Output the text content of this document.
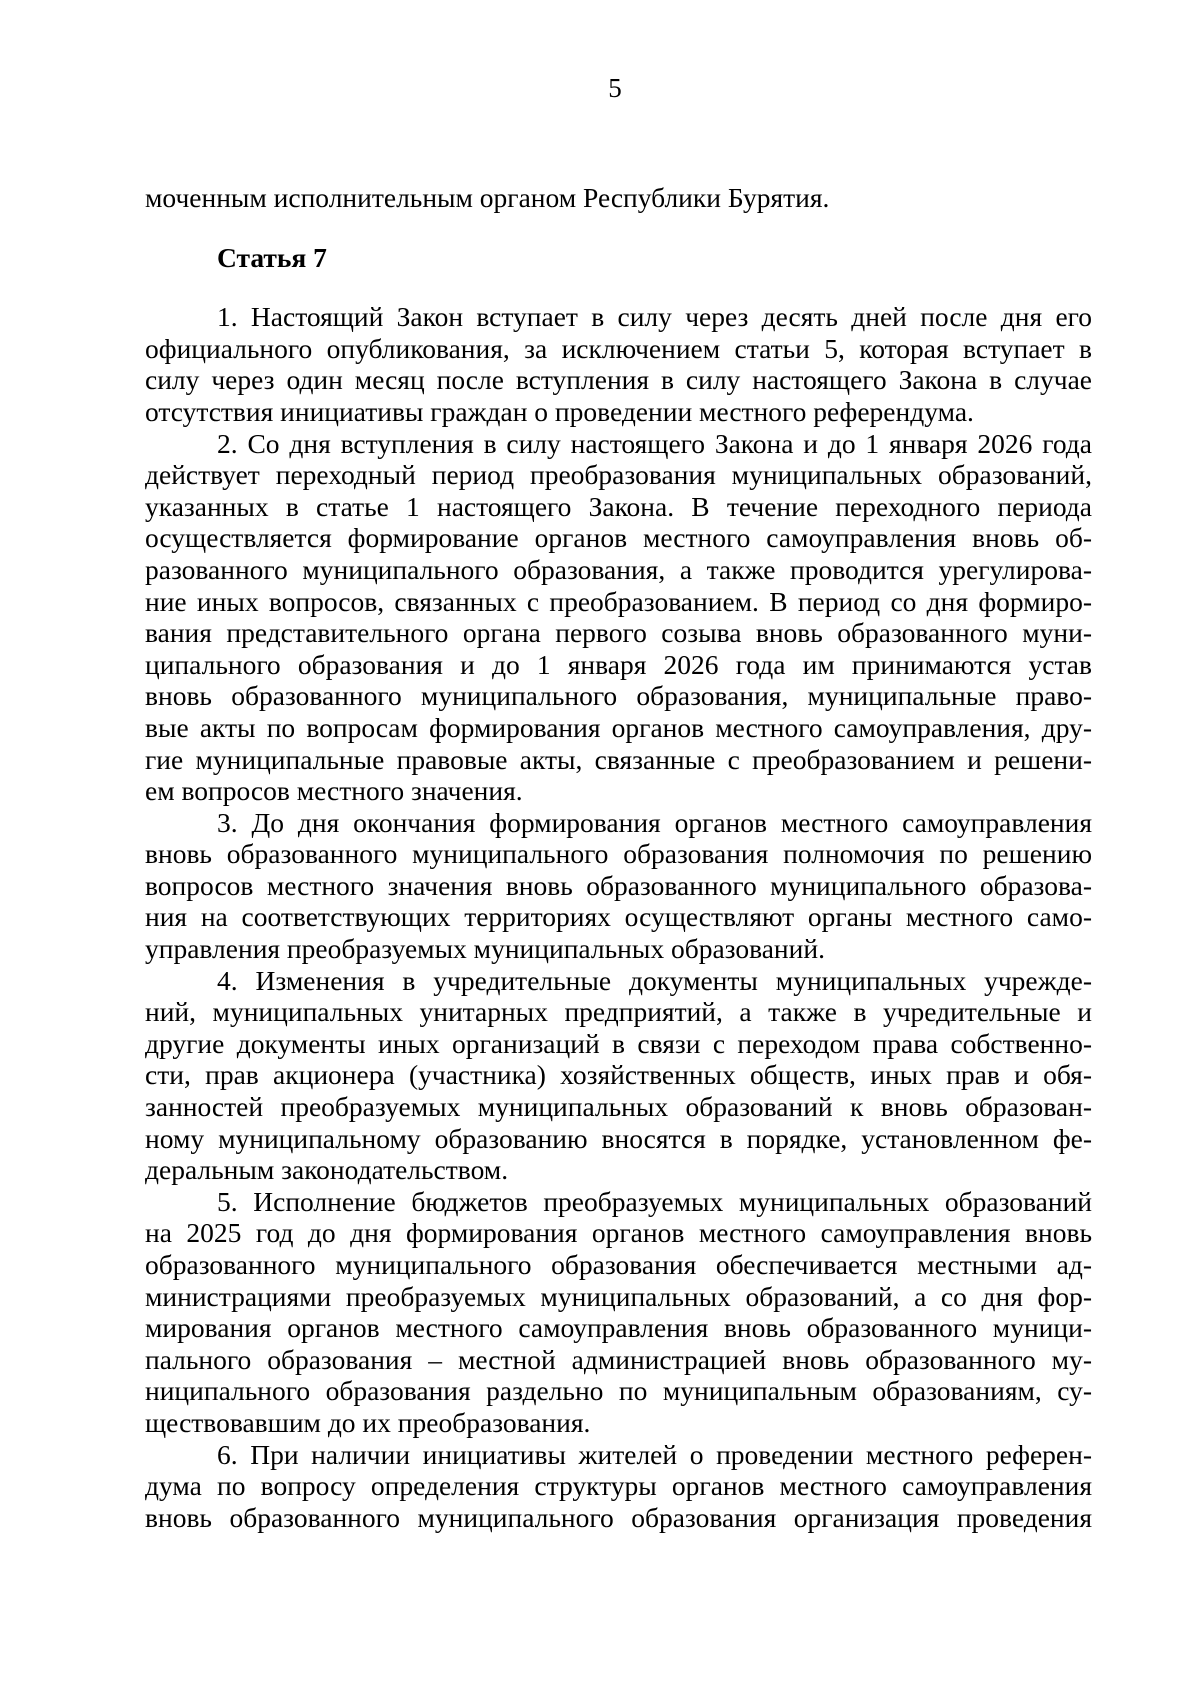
5
моченным исполнительным органом Республики Бурятия.
Статья 7
1. Настоящий Закон вступает в силу через десять дней после дня его
официального опубликования, за исключением статьи 5, которая вступает в
силу через один месяц после вступления в силу настоящего Закона в случае
отсутствия инициативы граждан о проведении местного референдума.
2. Со дня вступления в силу настоящего Закона и до 1 января 2026 года
действует переходный период преобразования муниципальных образований,
указанных в статье 1 настоящего Закона. В течение переходного периода
осуществляется формирование органов местного самоуправления вновь об-
разованного муниципального образования, а также проводится урегулирова-
ние иных вопросов, связанных с преобразованием. В период со дня формиро-
вания представительного органа первого созыва вновь образованного муни-
ципального образования и до 1 января 2026 года им принимаются устав
вновь образованного муниципального образования, муниципальные право-
вые акты по вопросам формирования органов местного самоуправления, дру-
гие муниципальные правовые акты, связанные с преобразованием и решени-
ем вопросов местного значения.
3. До дня окончания формирования органов местного самоуправления
вновь образованного муниципального образования полномочия по решению
вопросов местного значения вновь образованного муниципального образова-
ния на соответствующих территориях осуществляют органы местного само-
управления преобразуемых муниципальных образований.
4. Изменения в учредительные документы муниципальных учрежде-
ний, муниципальных унитарных предприятий, а также в учредительные и
другие документы иных организаций в связи с переходом права собственно-
сти, прав акционера (участника) хозяйственных обществ, иных прав и обя-
занностей преобразуемых муниципальных образований к вновь образован-
ному муниципальному образованию вносятся в порядке, установленном фе-
деральным законодательством.
5. Исполнение бюджетов преобразуемых муниципальных образований
на 2025 год до дня формирования органов местного самоуправления вновь
образованного муниципального образования обеспечивается местными ад-
министрациями преобразуемых муниципальных образований, а со дня фор-
мирования органов местного самоуправления вновь образованного муници-
пального образования – местной администрацией вновь образованного му-
ниципального образования раздельно по муниципальным образованиям, су-
ществовавшим до их преобразования.
6. При наличии инициативы жителей о проведении местного референ-
дума по вопросу определения структуры органов местного самоуправления
вновь образованного муниципального образования организация проведения
